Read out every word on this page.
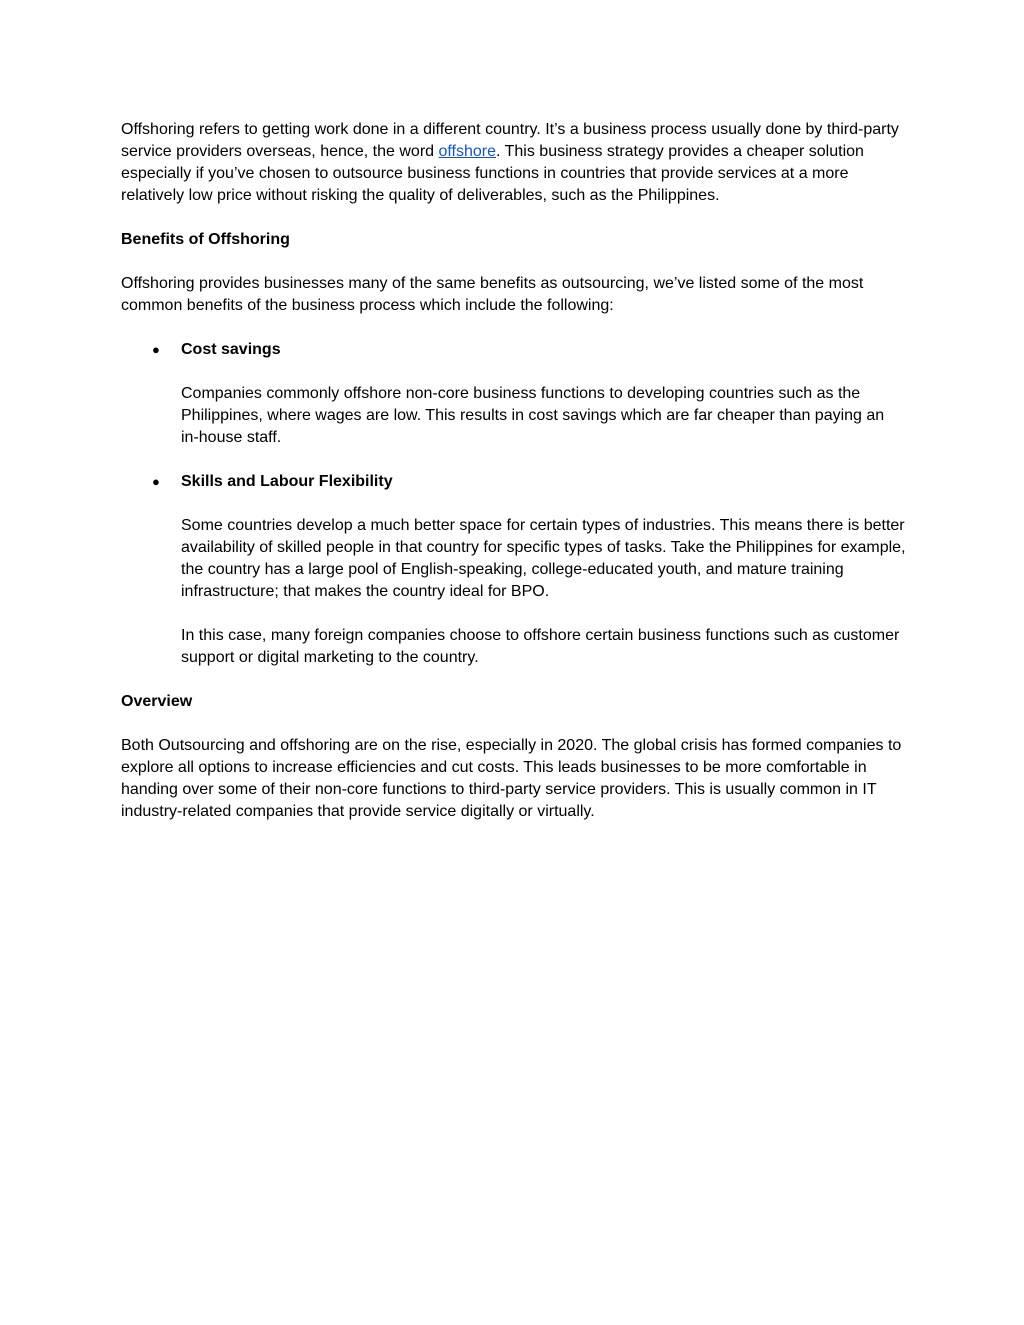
Offshoring refers to getting work done in a different country. It’s a business process usually done by third-party service providers overseas, hence, the word offshore. This business strategy provides a cheaper solution especially if you’ve chosen to outsource business functions in countries that provide services at a more relatively low price without risking the quality of deliverables, such as the Philippines.

Benefits of Offshoring

Offshoring provides businesses many of the same benefits as outsourcing, we’ve listed some of the most common benefits of the business process which include the following:

● Cost savings

Companies commonly offshore non-core business functions to developing countries such as the Philippines, where wages are low. This results in cost savings which are far cheaper than paying an in-house staff.

● Skills and Labour Flexibility

Some countries develop a much better space for certain types of industries. This means there is better availability of skilled people in that country for specific types of tasks. Take the Philippines for example, the country has a large pool of English-speaking, college-educated youth, and mature training infrastructure; that makes the country ideal for BPO.

In this case, many foreign companies choose to offshore certain business functions such as customer support or digital marketing to the country.

Overview

Both Outsourcing and offshoring are on the rise, especially in 2020. The global crisis has formed companies to explore all options to increase efficiencies and cut costs. This leads businesses to be more comfortable in handing over some of their non-core functions to third-party service providers. This is usually common in IT industry-related companies that provide service digitally or virtually.
